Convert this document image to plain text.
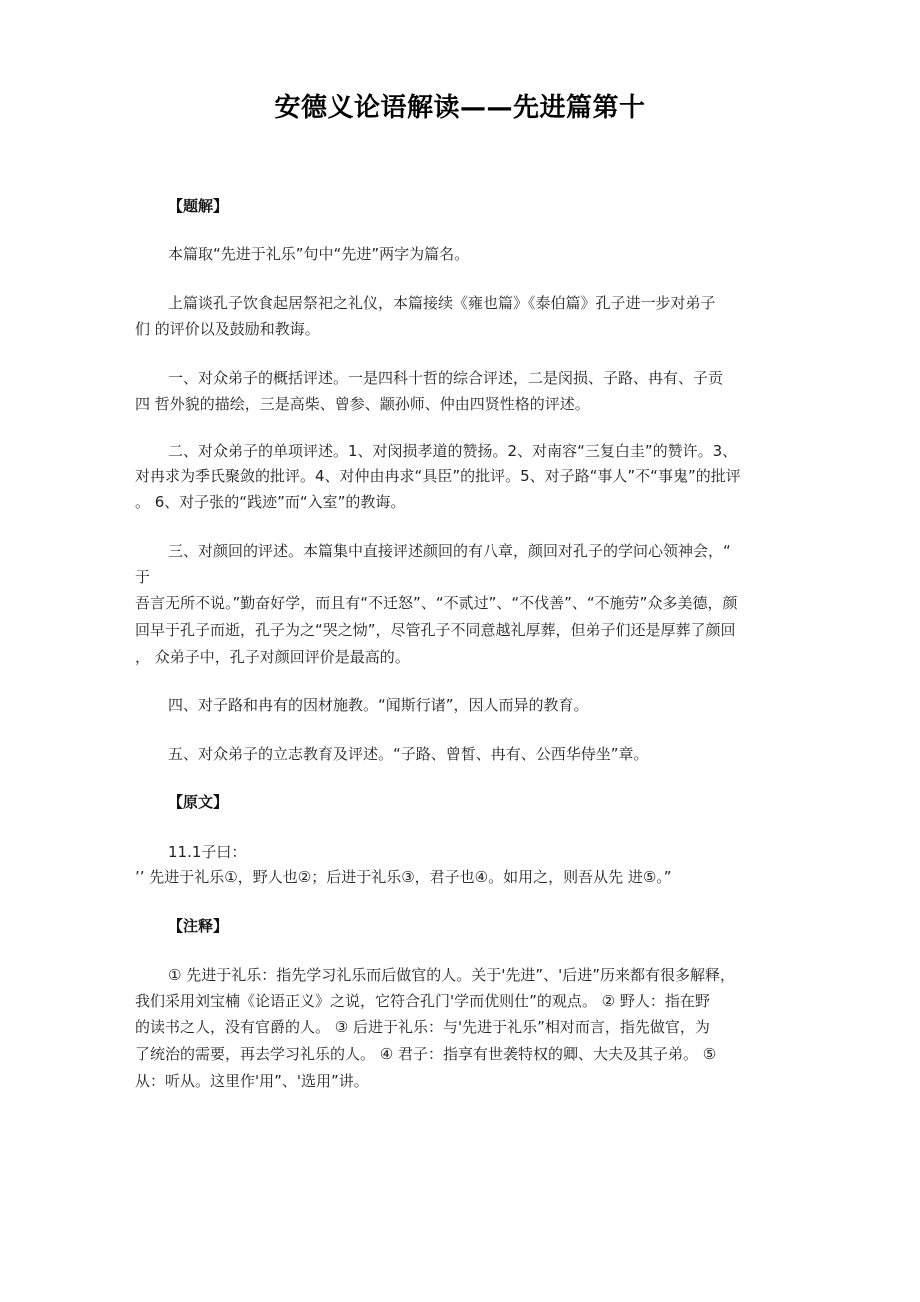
安德义论语解读——先进篇第十
【题解】
本篇取“先进于礼乐”句中“先进”两字为篇名。
上篇谈孔子饮食起居祭祀之礼仪，本篇接续《雍也篇》《泰伯篇》孔子进一步对弟子
们 的评价以及鼓励和教诲。
一、对众弟子的概括评述。一是四科十哲的综合评述，二是闵损、子路、冉有、子贡
四 哲外貌的描绘，三是高柴、曾参、颛孙师、仲由四贤性格的评述。
二、对众弟子的单项评述。1、对闵损孝道的赞扬。2、对南容“三复白圭”的赞许。3、
对冉求为季氏聚敛的批评。4、对仲由冉求“具臣”的批评。5、对子路“事人”不“事鬼”的批评
。 6、对子张的“践迹”而“入室”的教诲。
三、对颜回的评述。本篇集中直接评述颜回的有八章，颜回对孔子的学问心领神会，“
于
吾言无所不说。”勤奋好学，而且有“不迁怒”、“不贰过”、“不伐善”、“不施劳”众多美德，颜
回早于孔子而逝，孔子为之“哭之恸”，尽管孔子不同意越礼厚葬，但弟子们还是厚葬了颜回
， 众弟子中，孔子对颜回评价是最高的。
四、对子路和冉有的因材施教。“闻斯行诸”，因人而异的教育。
五、对众弟子的立志教育及评述。“子路、曾皙、冉有、公西华侍坐”章。
【原文】
11.1子曰：
’’ 先进于礼乐①，野人也②；后进于礼乐③，君子也④。如用之，则吾从先 进⑤。”
【注释】
① 先进于礼乐：指先学习礼乐而后做官的人。关于'先进”、'后进”历来都有很多解释，
我们采用刘宝楠《论语正义》之说，它符合孔门'学而优则仕”的观点。 ② 野人：指在野
的读书之人，没有官爵的人。 ③ 后进于礼乐：与'先进于礼乐”相对而言，指先做官，为
了统治的需要，再去学习礼乐的人。 ④ 君子：指享有世袭特权的卿、大夫及其子弟。 ⑤
从：听从。这里作'用”、'选用”讲。
